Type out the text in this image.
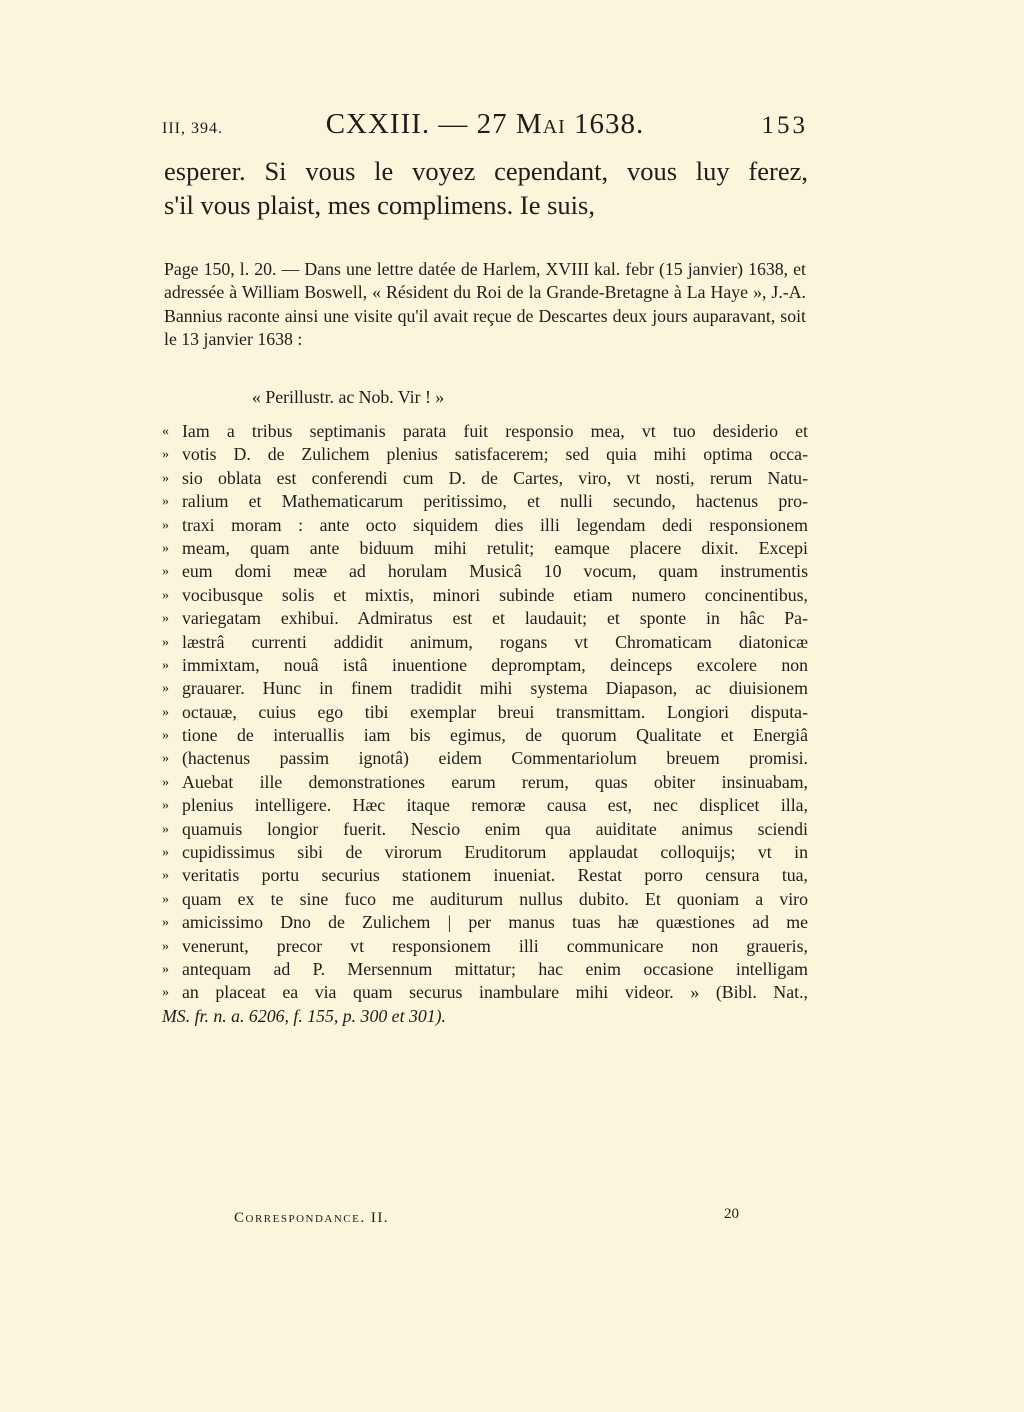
III, 394.	CXXIII. — 27 Mai 1638.	153

esperer. Si vous le voyez cependant, vous luy ferez,
s'il vous plaist, mes complimens. Ie suis,

Page 150, l. 20. — Dans une lettre datée de Harlem, XVIII kal. febr (15 janvier) 1638, et adressée à William Boswell, « Résident du Roi de la Grande-Bretagne à La Haye », J.-A. Bannius raconte ainsi une visite qu'il avait reçue de Descartes deux jours auparavant, soit le 13 janvier 1638 :

« Perillustr. ac Nob. Vir ! »

« Iam a tribus septimanis parata fuit responsio mea, vt tuo desiderio et
» votis D. de Zulichem plenius satisfacerem; sed quia mihi optima occa-
» sio oblata est conferendi cum D. de Cartes, viro, vt nosti, rerum Natu-
» ralium et Mathematicarum peritissimo, et nulli secundo, hactenus pro-
» traxi moram : ante octo siquidem dies illi legendam dedi responsionem
» meam, quam ante biduum mihi retulit; eamque placere dixit. Excepi
» eum domi meæ ad horulam Musicâ 10 vocum, quam instrumentis
» vocibusque solis et mixtis, minori subinde etiam numero concinentibus,
» variegatam exhibui. Admiratus est et laudauit; et sponte in hâc Pa-
» læstrâ currenti addidit animum, rogans vt Chromaticam diatonicæ
» immixtam, nouâ istâ inuentione depromptam, deinceps excolere non
» grauarer. Hunc in finem tradidit mihi systema Diapason, ac diuisionem
» octauæ, cuius ego tibi exemplar breui transmittam. Longiori disputa-
» tione de interuallis iam bis egimus, de quorum Qualitate et Energiâ
» (hactenus passim ignotâ) eidem Commentariolum breuem promisi.
» Auebat ille demonstrationes earum rerum, quas obiter insinuabam,
» plenius intelligere. Hæc itaque remoræ causa est, nec displicet illa,
» quamuis longior fuerit. Nescio enim qua auiditate animus sciendi
» cupidissimus sibi de virorum Eruditorum applaudat colloquijs; vt in
» veritatis portu securius stationem inueniat. Restat porro censura tua,
» quam ex te sine fuco me auditurum nullus dubito. Et quoniam a viro
» amicissimo Dno de Zulichem | per manus tuas hæ quæstiones ad me
» venerunt, precor vt responsionem illi communicare non graueris,
» antequam ad P. Mersennum mittatur; hac enim occasione intelligam
» an placeat ea via quam securus inambulare mihi videor. » (Bibl. Nat.,
MS. fr. n. a. 6206, f. 155, p. 300 et 301).
Correspondance. II.	20
